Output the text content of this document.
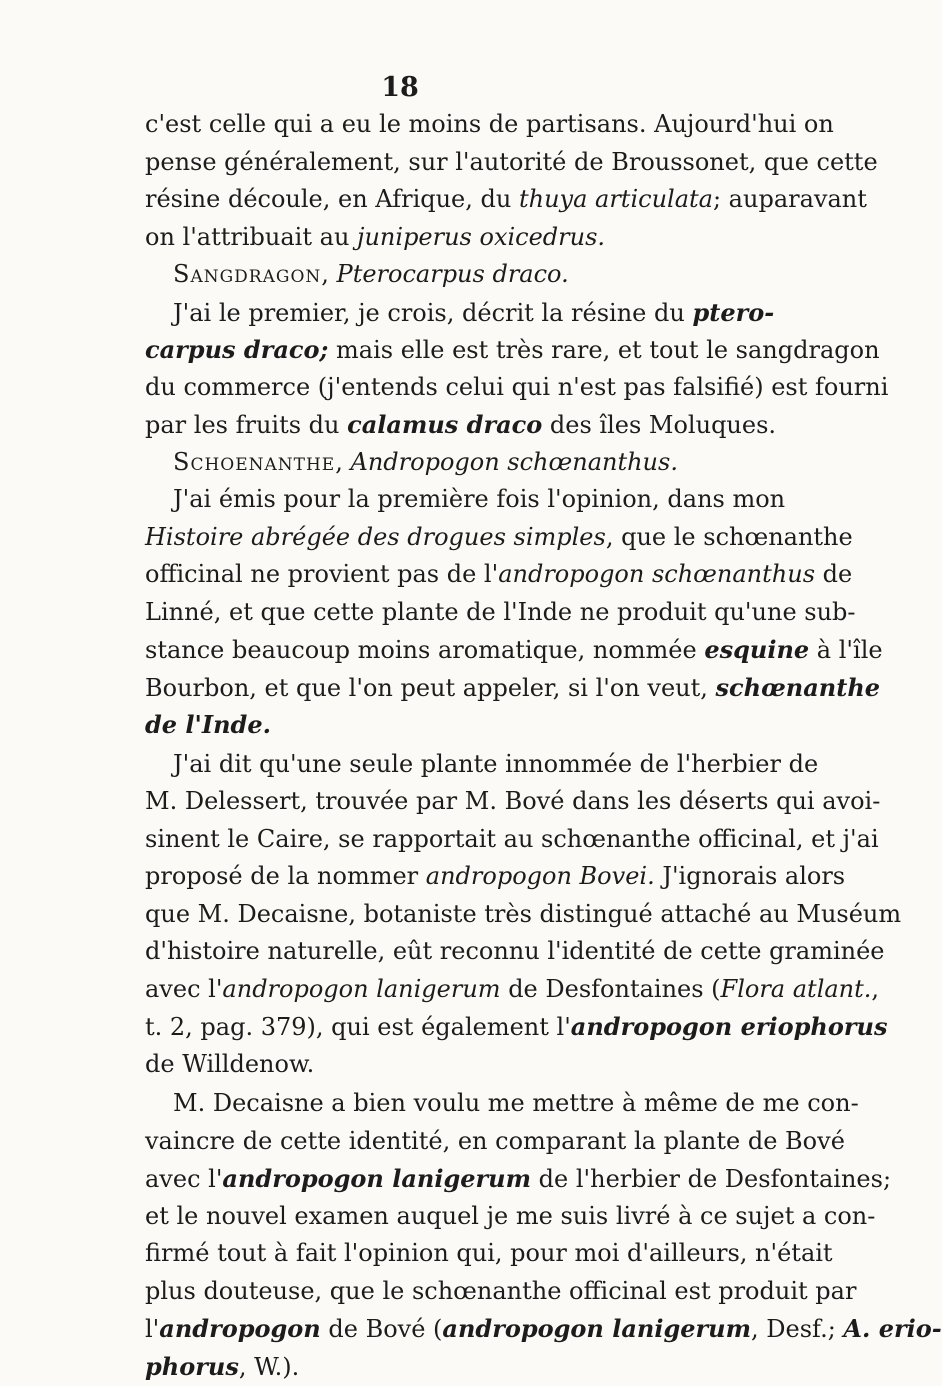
18
c'est celle qui a eu le moins de partisans. Aujourd'hui on
pense généralement, sur l'autorité de Broussonet, que cette
résine découle, en Afrique, du thuya articulata; auparavant
on l'attribuait au juniperus oxicedrus.
Sangdragon, Pterocarpus draco.
J'ai le premier, je crois, décrit la résine du ptero-
carpus draco; mais elle est très rare, et tout le sangdragon
du commerce (j'entends celui qui n'est pas falsifié) est fourni
par les fruits du calamus draco des îles Moluques.
Schoenanthe, Andropogon schœnanthus.
J'ai émis pour la première fois l'opinion, dans mon
Histoire abrégée des drogues simples, que le schœnanthe
officinal ne provient pas de l'andropogon schœnanthus de
Linné, et que cette plante de l'Inde ne produit qu'une sub-
stance beaucoup moins aromatique, nommée esquine à l'île
Bourbon, et que l'on peut appeler, si l'on veut, schœnanthe
de l'Inde.
J'ai dit qu'une seule plante innommée de l'herbier de
M. Delessert, trouvée par M. Bové dans les déserts qui avoi-
sinent le Caire, se rapportait au schœnanthe officinal, et j'ai
proposé de la nommer andropogon Bovei. J'ignorais alors
que M. Decaisne, botaniste très distingué attaché au Muséum
d'histoire naturelle, eût reconnu l'identité de cette graminée
avec l'andropogon lanigerum de Desfontaines (Flora atlant.,
t. 2, pag. 379), qui est également l'andropogon eriophorus
de Willdenow.
M. Decaisne a bien voulu me mettre à même de me con-
vaincre de cette identité, en comparant la plante de Bové
avec l'andropogon lanigerum de l'herbier de Desfontaines;
et le nouvel examen auquel je me suis livré à ce sujet a con-
firmé tout à fait l'opinion qui, pour moi d'ailleurs, n'était
plus douteuse, que le schœnanthe officinal est produit par
l'andropogon de Bové (andropogon lanigerum, Desf.; A. erio-
phorus, W.).
